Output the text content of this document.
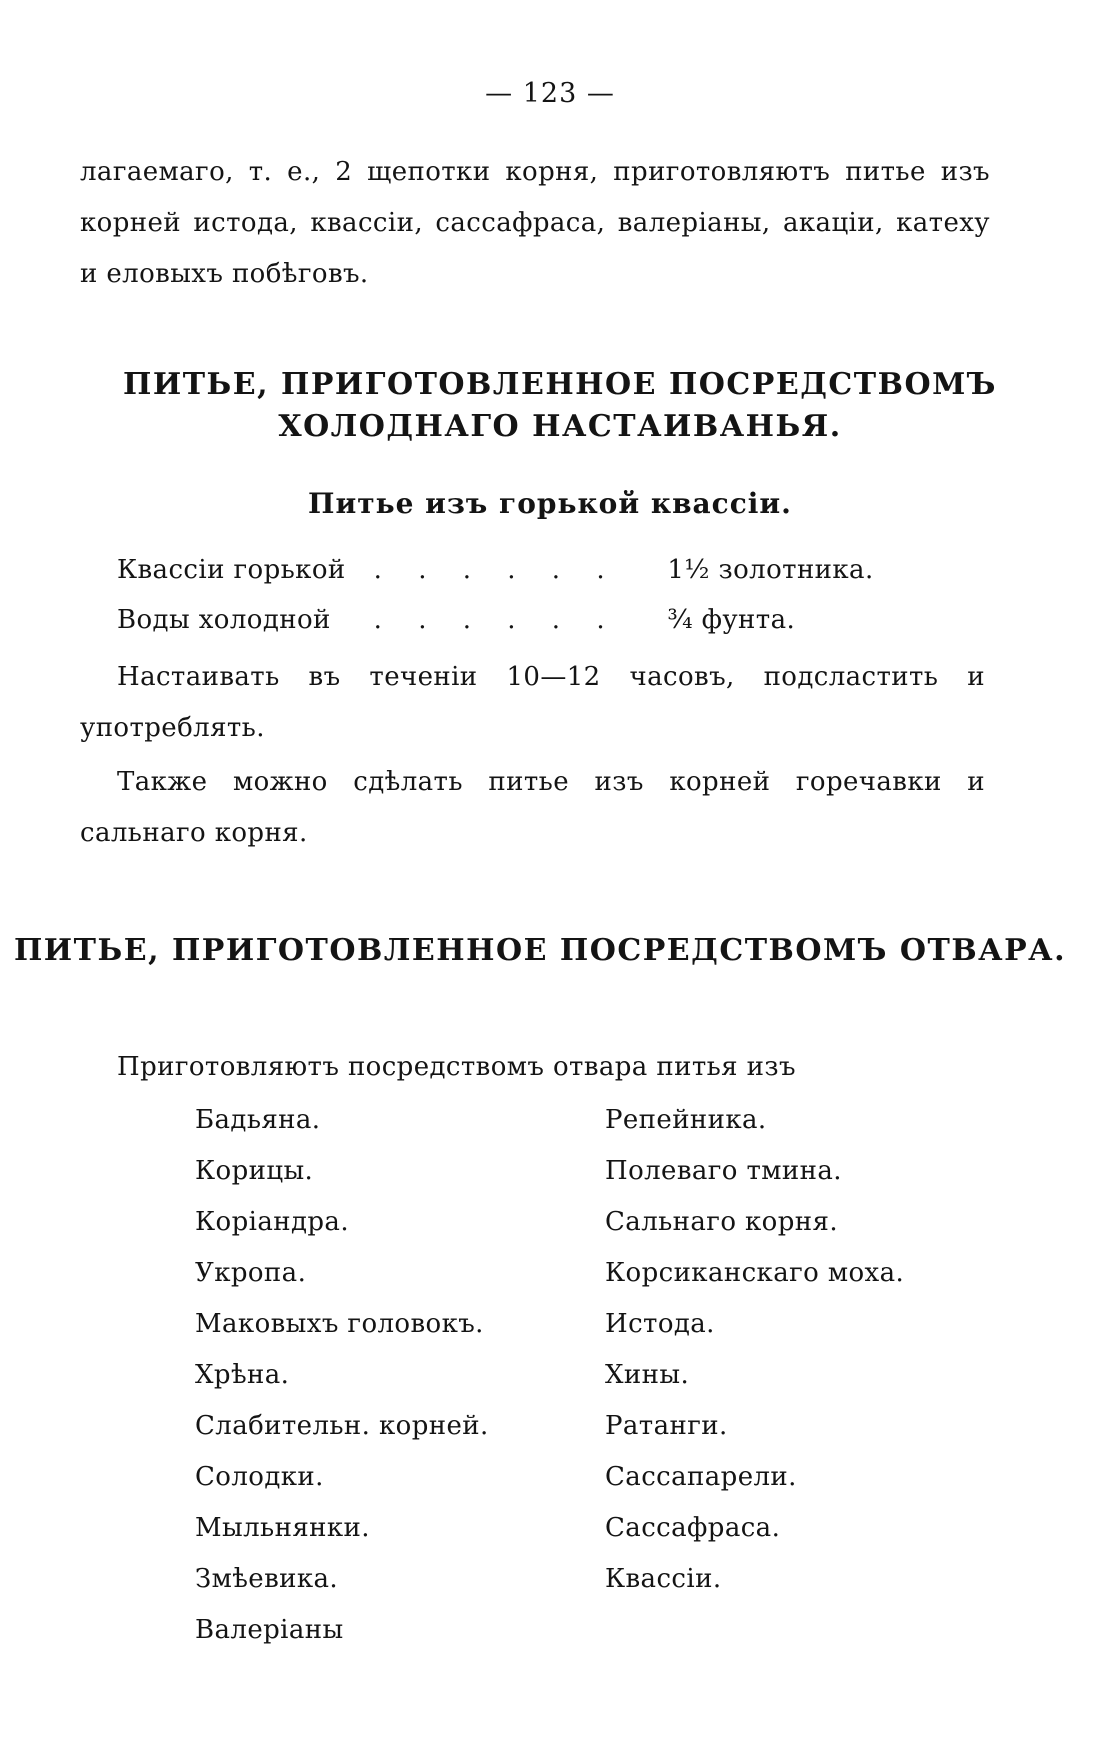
— 123 —

лагаемаго, т. е., 2 щепотки корня, приготовляютъ питье изъ корней истода, квассіи, сассафраса, валеріаны, акаціи, катеху и еловыхъ побѣговъ.

ПИТЬЕ, ПРИГОТОВЛЕННОЕ ПОСРЕДСТВОМЪ ХОЛОДНАГО НАСТАИВАНЬЯ.
Питье изъ горькой квассіи.
Квассіи горькой . . . . . . 1½ золотника.
Воды холодной . . . . . . ¾ фунта.

Настаивать въ теченіи 10—12 часовъ, подсластить и употреблять.

Также можно сдѣлать питье изъ корней горечавки и сальнаго корня.

ПИТЬЕ, ПРИГОТОВЛЕННОЕ ПОСРЕДСТВОМЪ ОТВАРА.

Приготовляютъ посредствомъ отвара питья изъ

Бадьяна.
Корицы.
Коріандра.
Укропа.
Маковыхъ головокъ.
Хрѣна.
Слабительн. корней.
Солодки.
Мыльнянки.
Змѣевика.
Валеріаны
Репейника.
Полеваго тмина.
Сальнаго корня.
Корсиканскаго моха.
Истода.
Хины.
Ратанги.
Сассапарели.
Сассафраса.
Квассіи.
